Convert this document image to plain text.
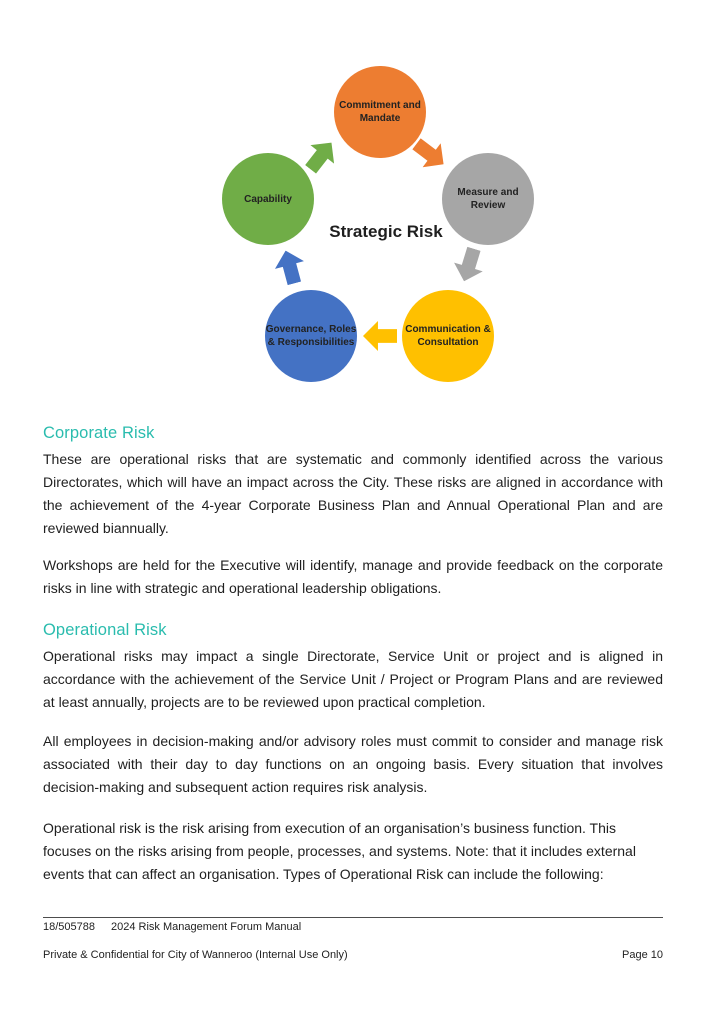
Commitment and Mandate
Measure and Review
Communication & Consultation
Governance, Roles & Responsibilities
Capability
Strategic Risk
Corporate Risk
These are operational risks that are systematic and commonly identified across the various Directorates, which will have an impact across the City. These risks are aligned in accordance with the achievement of the 4-year Corporate Business Plan and Annual Operational Plan and are reviewed biannually.
Workshops are held for the Executive will identify, manage and provide feedback on the corporate risks in line with strategic and operational leadership obligations.
Operational Risk
Operational risks may impact a single Directorate, Service Unit or project and is aligned in accordance with the achievement of the Service Unit / Project or Program Plans and are reviewed at least annually, projects are to be reviewed upon practical completion.
All employees in decision-making and/or advisory roles must commit to consider and manage risk associated with their day to day functions on an ongoing basis. Every situation that involves decision-making and subsequent action requires risk analysis.
Operational risk is the risk arising from execution of an organisation’s business function. This focuses on the risks arising from people, processes, and systems. Note: that it includes external events that can affect an organisation. Types of Operational Risk can include the following:
18/505788 2024 Risk Management Forum Manual
Private & Confidential for City of Wanneroo (Internal Use Only)	Page 10
